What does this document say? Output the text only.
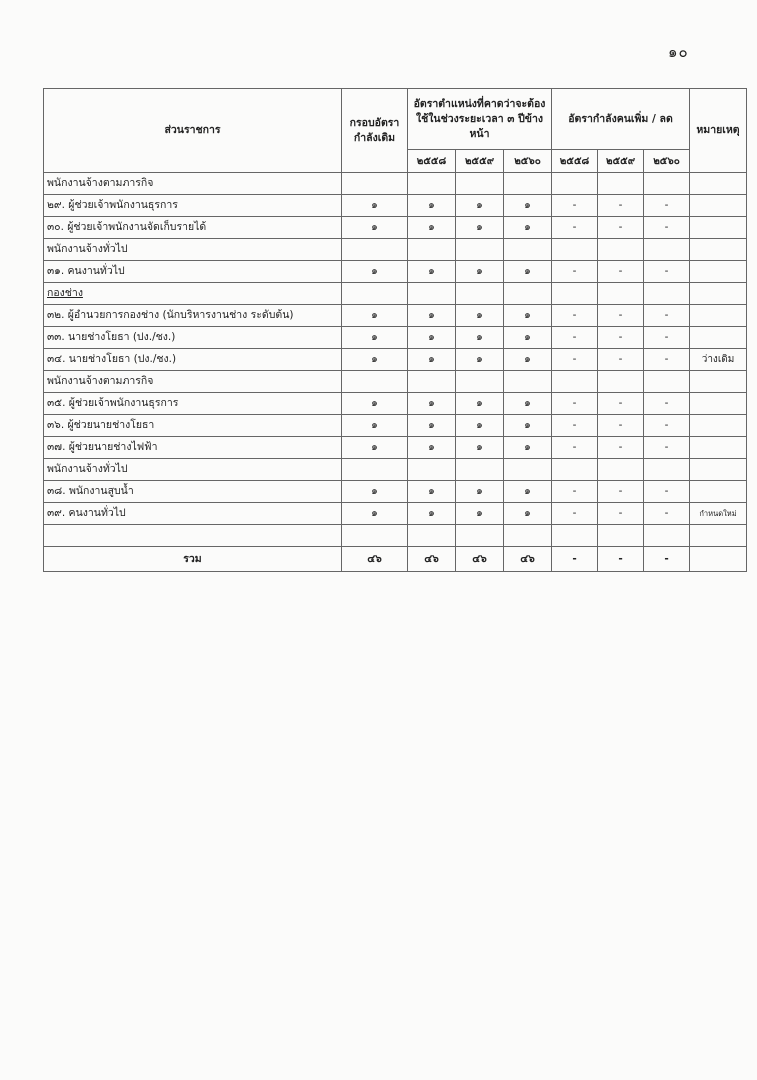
๑๐
ส่วนราชการ	กรอบอัตรากำลังเดิม	อัตราตำแหน่งที่คาดว่าจะต้องใช้ในช่วงระยะเวลา ๓ ปีข้างหน้า			อัตรากำลังคนเพิ่ม / ลด			หมายเหตุ
		๒๕๕๘	๒๕๕๙	๒๕๖๐	๒๕๕๘	๒๕๕๙	๒๕๖๐	
พนักงานจ้างตามภารกิจ								
๒๙. ผู้ช่วยเจ้าพนักงานธุรการ	๑	๑	๑	๑	-	-	-	
๓๐. ผู้ช่วยเจ้าพนักงานจัดเก็บรายได้	๑	๑	๑	๑	-	-	-	
พนักงานจ้างทั่วไป								
๓๑. คนงานทั่วไป	๑	๑	๑	๑	-	-	-	
กองช่าง								
๓๒. ผู้อำนวยการกองช่าง (นักบริหารงานช่าง ระดับต้น)	๑	๑	๑	๑	-	-	-	
๓๓. นายช่างโยธา (ปง./ชง.)	๑	๑	๑	๑	-	-	-	
๓๔. นายช่างโยธา (ปง./ชง.)	๑	๑	๑	๑	-	-	-	ว่างเดิม
พนักงานจ้างตามภารกิจ								
๓๕. ผู้ช่วยเจ้าพนักงานธุรการ	๑	๑	๑	๑	-	-	-	
๓๖. ผู้ช่วยนายช่างโยธา	๑	๑	๑	๑	-	-	-	
๓๗. ผู้ช่วยนายช่างไฟฟ้า	๑	๑	๑	๑	-	-	-	
พนักงานจ้างทั่วไป								
๓๘. พนักงานสูบน้ำ	๑	๑	๑	๑	-	-	-	
๓๙. คนงานทั่วไป	๑	๑	๑	๑	-	-	-	กำหนดใหม่

รวม	๔๖	๔๖	๔๖	๔๖	-	-	-	
